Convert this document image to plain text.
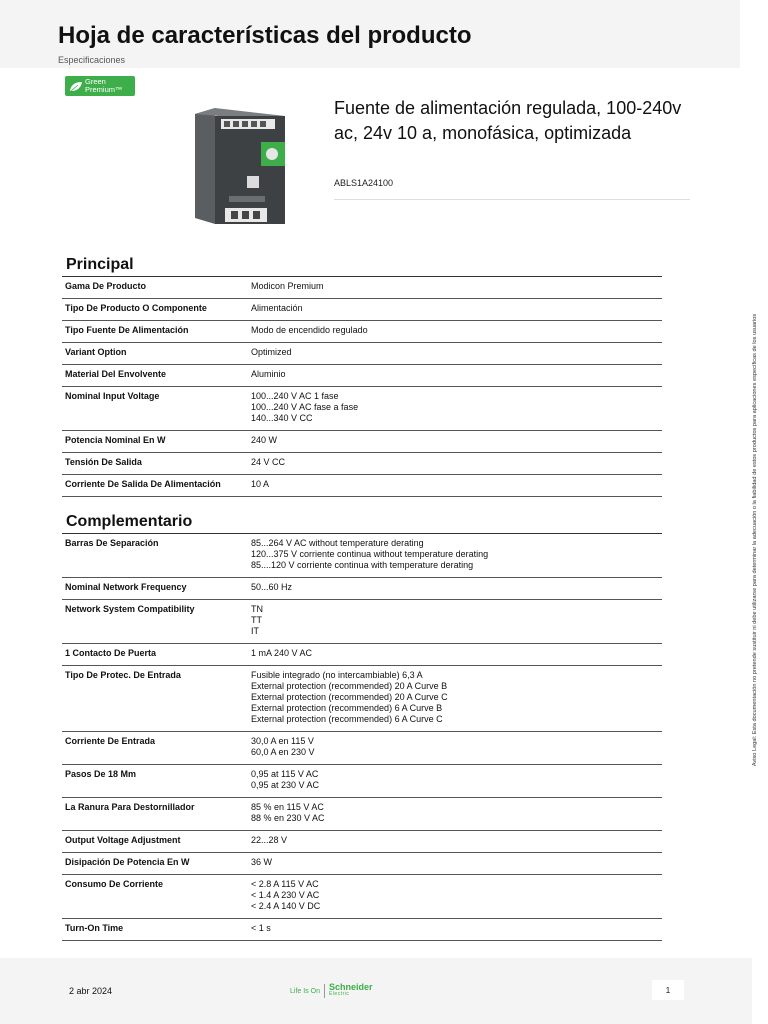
Hoja de características del producto
Especificaciones
Green
Premium™
Fuente de alimentación regulada, 100-240v ac, 24v 10 a, monofásica, optimizada
ABLS1A24100
Principal
Gama De Producto	Modicon Premium
Tipo De Producto O Componente	Alimentación
Tipo Fuente De Alimentación	Modo de encendido regulado
Variant Option	Optimized
Material Del Envolvente	Aluminio
Nominal Input Voltage	100...240 V AC 1 fase
100...240 V AC fase a fase
140...340 V CC
Potencia Nominal En W	240 W
Tensión De Salida	24 V CC
Corriente De Salida De Alimentación	10 A
Complementario
Barras De Separación	85...264 V AC without temperature derating
120...375 V corriente continua without temperature derating
85....120 V corriente continua with temperature derating
Nominal Network Frequency	50...60 Hz
Network System Compatibility	TN
TT
IT
1 Contacto De Puerta	1 mA 240 V AC
Tipo De Protec. De Entrada	Fusible integrado (no intercambiable) 6,3 A
External protection (recommended) 20 A Curve B
External protection (recommended) 20 A Curve C
External protection (recommended) 6 A Curve B
External protection (recommended) 6 A Curve C
Corriente De Entrada	30,0 A en 115 V
60,0 A en 230 V
Pasos De 18 Mm	0,95 at 115 V AC
0,95 at 230 V AC
La Ranura Para Destornillador	85 % en 115 V AC
88 % en 230 V AC
Output Voltage Adjustment	22...28 V
Disipación De Potencia En W	36 W
Consumo De Corriente	< 2.8 A 115 V AC
< 1.4 A 230 V AC
< 2.4 A 140 V DC
Turn-On Time	< 1 s
Aviso Legal: Esta documentación no pretende sustituir ni debe utilizarse para determinar la adecuación o la fiabilidad de estos productos para aplicaciones específicas de los usuarios
2 abr 2024	Life Is On Schneider
Electric	1
